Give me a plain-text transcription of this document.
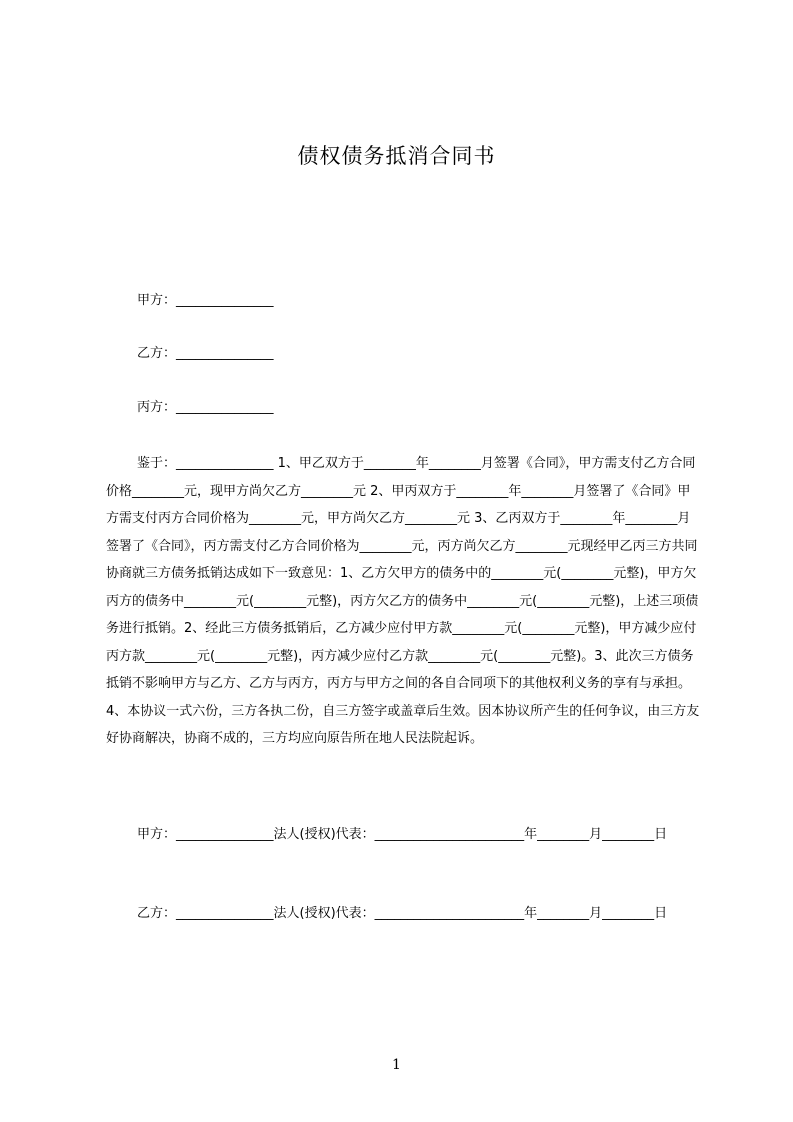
债权债务抵消合同书
甲方：_______________
乙方：_______________
丙方：_______________

鉴于：_______________ 1、甲乙双方于________年________月签署《合同》，甲方需支付乙方合同价格________元，现甲方尚欠乙方________元 2、甲丙双方于________年________月签署了《合同》甲方需支付丙方合同价格为________元，甲方尚欠乙方________元 3、乙丙双方于________年________月签署了《合同》，丙方需支付乙方合同价格为________元，丙方尚欠乙方________元现经甲乙丙三方共同协商就三方债务抵销达成如下一致意见：1、乙方欠甲方的债务中的________元(________元整)，甲方欠丙方的债务中________元(________元整)，丙方欠乙方的债务中________元(________元整)，上述三项债务进行抵销。2、经此三方债务抵销后，乙方减少应付甲方款________元(________元整)，甲方减少应付丙方款________元(________元整)，丙方减少应付乙方款________元(________元整)。3、此次三方债务抵销不影响甲方与乙方、乙方与丙方，丙方与甲方之间的各自合同项下的其他权利义务的享有与承担。4、本协议一式六份，三方各执二份，自三方签字或盖章后生效。因本协议所产生的任何争议，由三方友好协商解决，协商不成的，三方均应向原告所在地人民法院起诉。

甲方：_______________法人(授权)代表：_______________________年________月________日

乙方：_______________法人(授权)代表：_______________________年________月________日

1
